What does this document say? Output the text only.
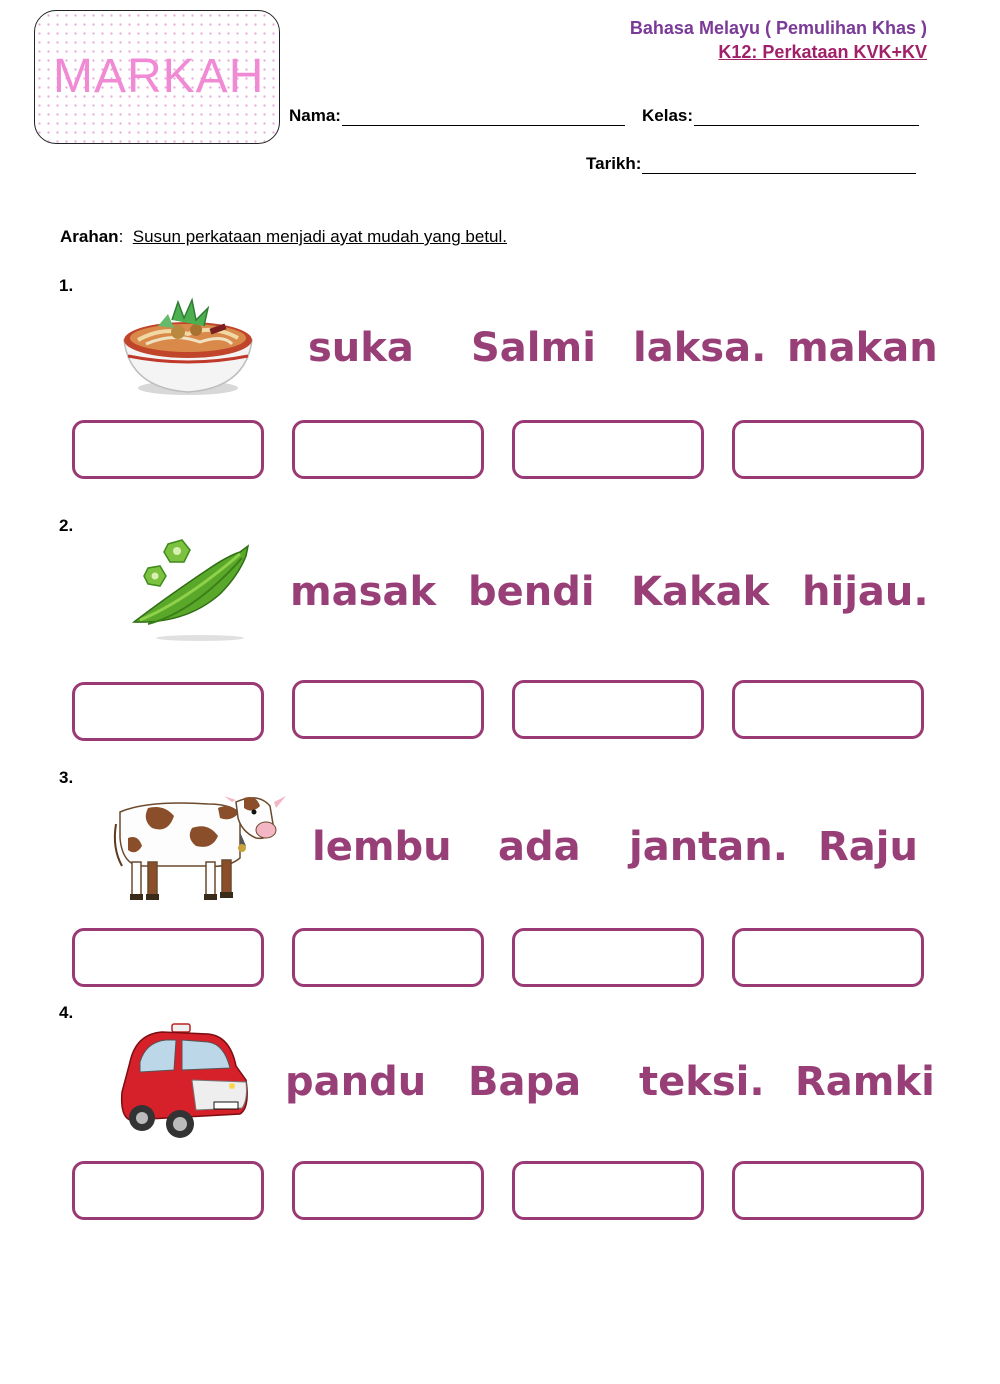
MARKAH
Bahasa Melayu ( Pemulihan Khas )
K12: Perkataan KVK+KV
Nama:	Kelas:
Tarikh:
Arahan: Susun perkataan menjadi ayat mudah yang betul.
1.
suka Salmi laksa. makan
2.
masak bendi Kakak hijau.
3.
lembu ada jantan. Raju
4.
pandu Bapa teksi. Ramki
